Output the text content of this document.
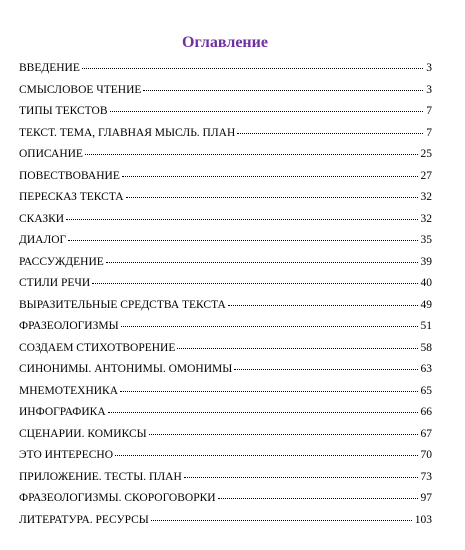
Оглавление
ВВЕДЕНИЕ	3
СМЫСЛОВОЕ ЧТЕНИЕ	3
ТИПЫ ТЕКСТОВ	7
ТЕКСТ. ТЕМА, ГЛАВНАЯ МЫСЛЬ. ПЛАН	7
ОПИСАНИЕ	25
ПОВЕСТВОВАНИЕ	27
ПЕРЕСКАЗ ТЕКСТА	32
СКАЗКИ	32
ДИАЛОГ	35
РАССУЖДЕНИЕ	39
СТИЛИ РЕЧИ	40
ВЫРАЗИТЕЛЬНЫЕ СРЕДСТВА ТЕКСТА	49
ФРАЗЕОЛОГИЗМЫ	51
СОЗДАЕМ СТИХОТВОРЕНИЕ	58
СИНОНИМЫ. АНТОНИМЫ. ОМОНИМЫ	63
МНЕМОТЕХНИКА	65
ИНФОГРАФИКА	66
СЦЕНАРИИ. КОМИКСЫ	67
ЭТО ИНТЕРЕСНО	70
ПРИЛОЖЕНИЕ. ТЕСТЫ. ПЛАН	73
ФРАЗЕОЛОГИЗМЫ. СКОРОГОВОРКИ	97
ЛИТЕРАТУРА. РЕСУРСЫ	103
